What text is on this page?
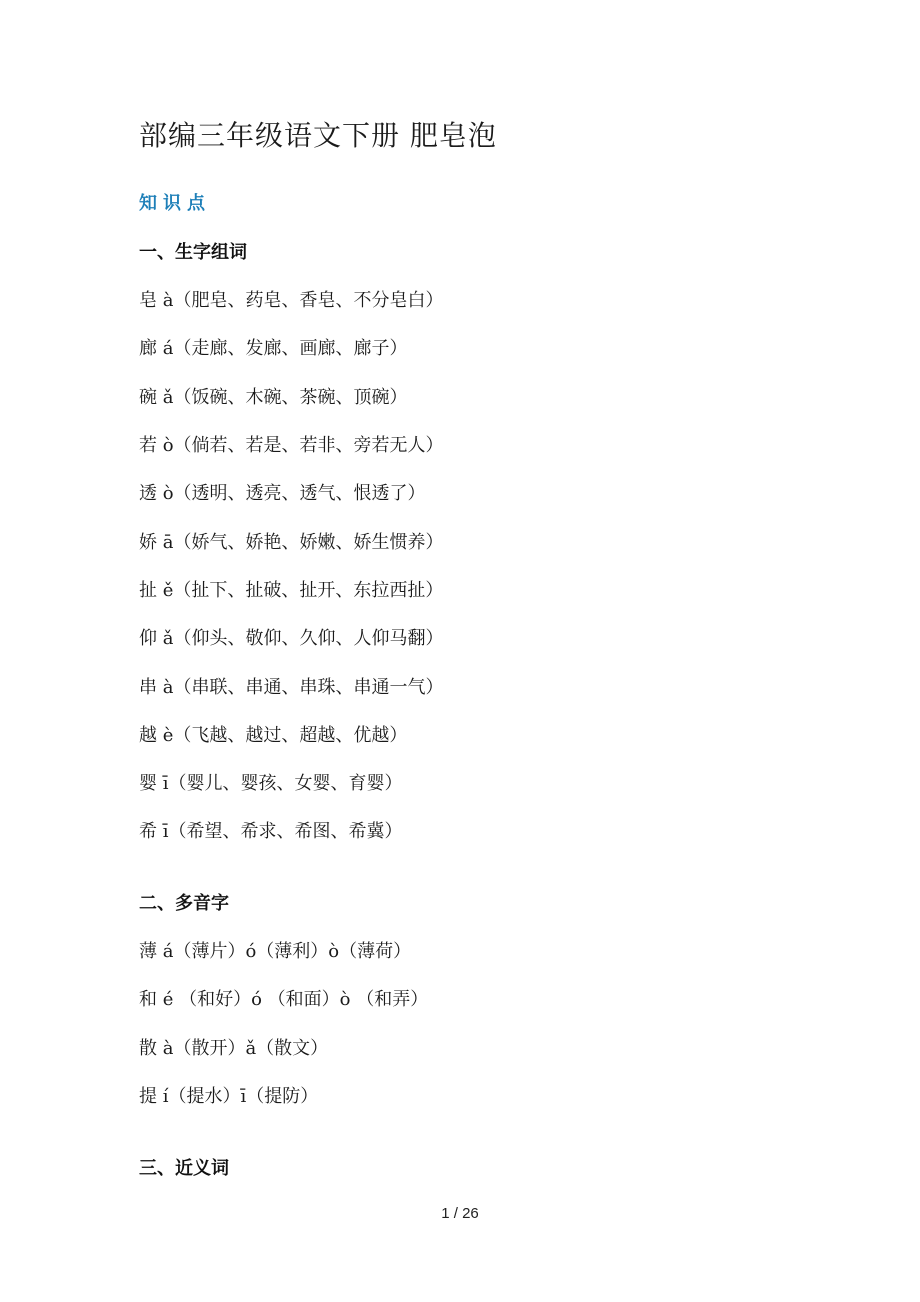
部编三年级语文下册 肥皂泡
知识点
一、生字组词
皂 à（肥皂、药皂、香皂、不分皂白）
廊 á（走廊、发廊、画廊、廊子）
碗 ǎ（饭碗、木碗、茶碗、顶碗）
若 ò（倘若、若是、若非、旁若无人）
透 ò（透明、透亮、透气、恨透了）
娇 ā（娇气、娇艳、娇嫩、娇生惯养）
扯 ě（扯下、扯破、扯开、东拉西扯）
仰 ǎ（仰头、敬仰、久仰、人仰马翻）
串 à（串联、串通、串珠、串通一气）
越 è（飞越、越过、超越、优越）
婴 ī（婴儿、婴孩、女婴、育婴）
希 ī（希望、希求、希图、希冀）
二、多音字
薄 á（薄片）ó（薄利）ò（薄荷）
和 é （和好）ó （和面）ò （和弄）
散 à（散开）ǎ（散文）
提 í（提水）ī（提防）
三、近义词
1 / 26
